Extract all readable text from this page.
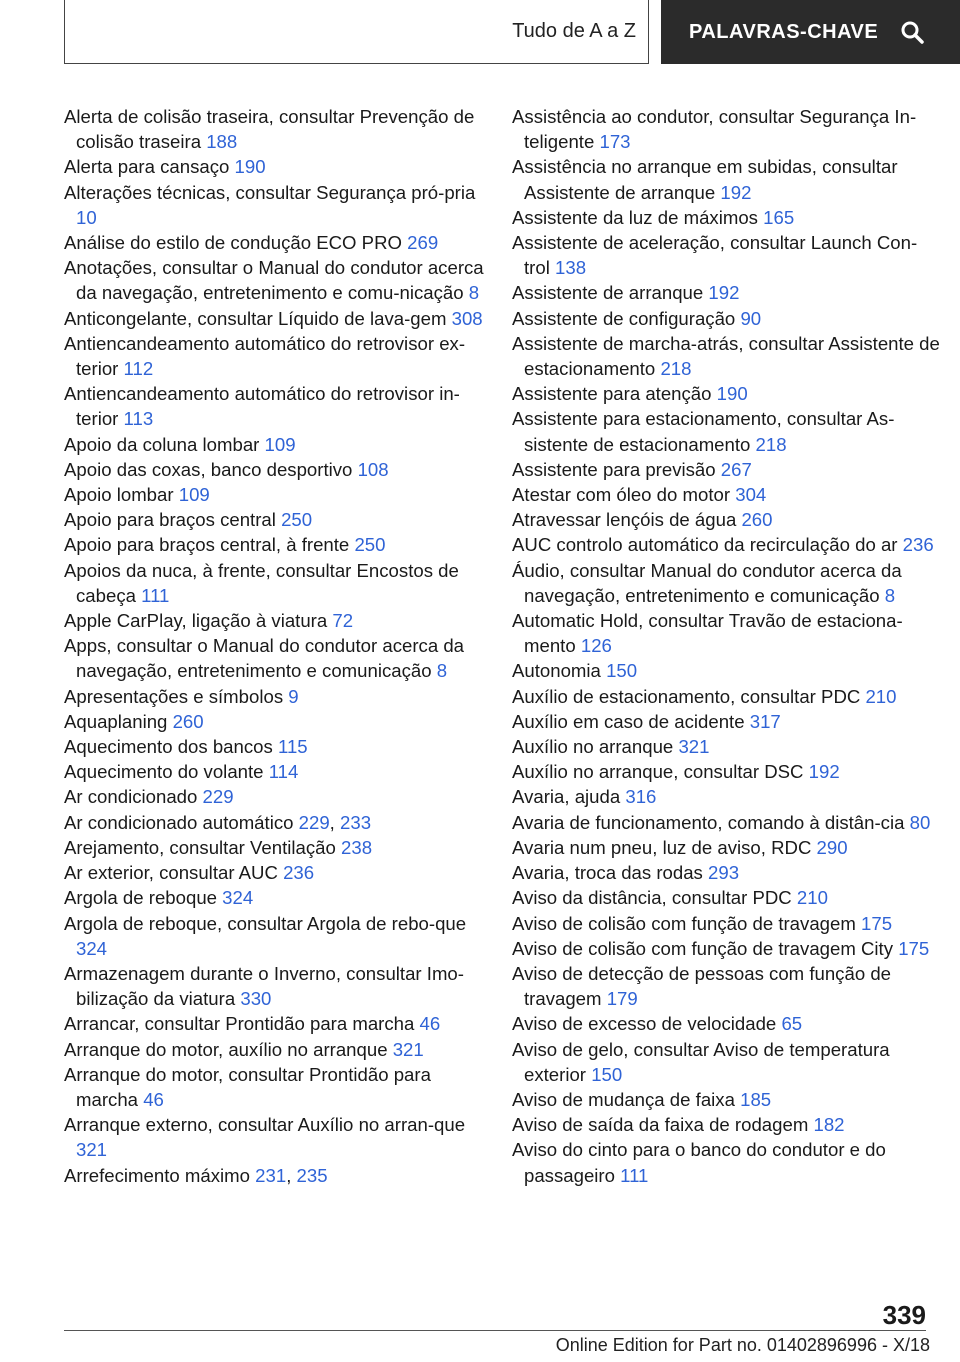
Tudo de A a Z	PALAVRAS-CHAVE
Alerta de colisão traseira, consultar Prevenção de colisão traseira 188
Alerta para cansaço 190
Alterações técnicas, consultar Segurança pró‐pria 10
Análise do estilo de condução ECO PRO 269
Anotações, consultar o Manual do condutor acerca da navegação, entretenimento e comu‐nicação 8
Anticongelante, consultar Líquido de lava‐gem 308
Antiencandeamento automático do retrovisor ex‐terior 112
Antiencandeamento automático do retrovisor in‐terior 113
Apoio da coluna lombar 109
Apoio das coxas, banco desportivo 108
Apoio lombar 109
Apoio para braços central 250
Apoio para braços central, à frente 250
Apoios da nuca, à frente, consultar Encostos de cabeça 111
Apple CarPlay, ligação à viatura 72
Apps, consultar o Manual do condutor acerca da navegação, entretenimento e comunicação 8
Apresentações e símbolos 9
Aquaplaning 260
Aquecimento dos bancos 115
Aquecimento do volante 114
Ar condicionado 229
Ar condicionado automático 229, 233
Arejamento, consultar Ventilação 238
Ar exterior, consultar AUC 236
Argola de reboque 324
Argola de reboque, consultar Argola de rebo‐que 324
Armazenagem durante o Inverno, consultar Imo‐bilização da viatura 330
Arrancar, consultar Prontidão para marcha 46
Arranque do motor, auxílio no arranque 321
Arranque do motor, consultar Prontidão para marcha 46
Arranque externo, consultar Auxílio no arran‐que 321
Arrefecimento máximo 231, 235
Assistência ao condutor, consultar Segurança In‐teligente 173
Assistência no arranque em subidas, consultar Assistente de arranque 192
Assistente da luz de máximos 165
Assistente de aceleração, consultar Launch Con‐trol 138
Assistente de arranque 192
Assistente de configuração 90
Assistente de marcha-atrás, consultar Assistente de estacionamento 218
Assistente para atenção 190
Assistente para estacionamento, consultar As‐sistente de estacionamento 218
Assistente para previsão 267
Atestar com óleo do motor 304
Atravessar lençóis de água 260
AUC controlo automático da recirculação do ar 236
Áudio, consultar Manual do condutor acerca da navegação, entretenimento e comunicação 8
Automatic Hold, consultar Travão de estaciona‐mento 126
Autonomia 150
Auxílio de estacionamento, consultar PDC 210
Auxílio em caso de acidente 317
Auxílio no arranque 321
Auxílio no arranque, consultar DSC 192
Avaria, ajuda 316
Avaria de funcionamento, comando à distân‐cia 80
Avaria num pneu, luz de aviso, RDC 290
Avaria, troca das rodas 293
Aviso da distância, consultar PDC 210
Aviso de colisão com função de travagem 175
Aviso de colisão com função de travagem City 175
Aviso de detecção de pessoas com função de travagem 179
Aviso de excesso de velocidade 65
Aviso de gelo, consultar Aviso de temperatura exterior 150
Aviso de mudança de faixa 185
Aviso de saída da faixa de rodagem 182
Aviso do cinto para o banco do condutor e do passageiro 111
339
Online Edition for Part no. 01402896996 - X/18
